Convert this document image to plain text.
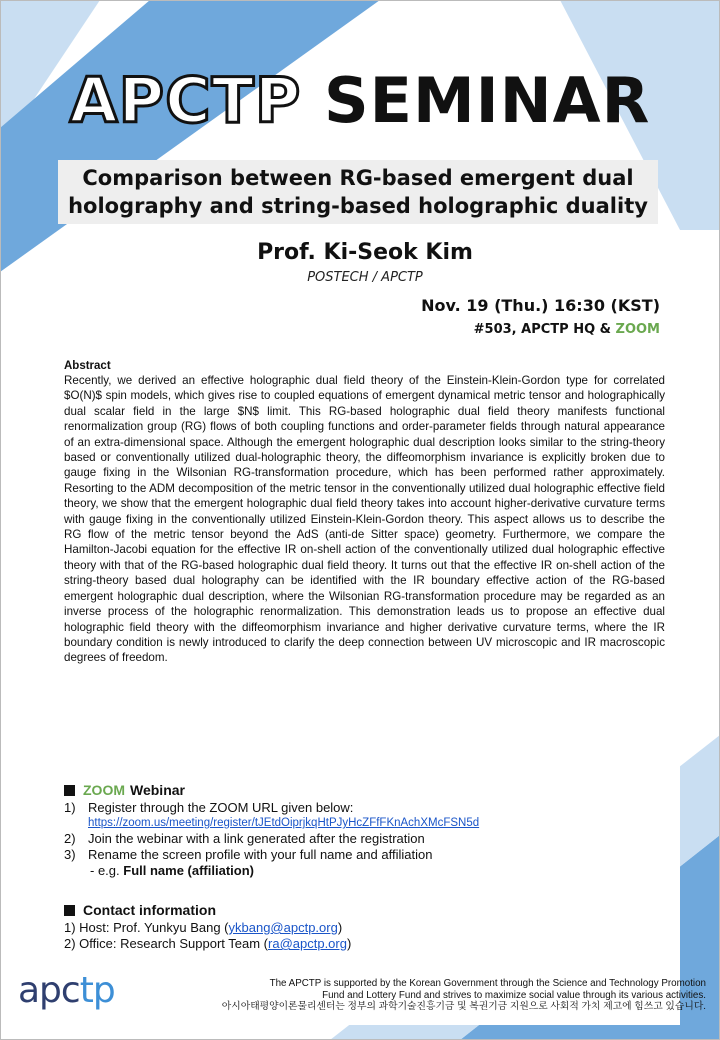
APCTP SEMINAR
Comparison between RG-based emergent dual
holography and string-based holographic duality
Prof. Ki-Seok Kim
POSTECH / APCTP
Nov. 19 (Thu.) 16:30 (KST)
#503, APCTP HQ & ZOOM
Abstract
Recently, we derived an effective holographic dual field theory of the Einstein-Klein-Gordon type for correlated $O(N)$ spin models, which gives rise to coupled equations of emergent dynamical metric tensor and holographically dual scalar field in the large $N$ limit. This RG-based holographic dual field theory manifests functional renormalization group (RG) flows of both coupling functions and order-parameter fields through natural appearance of an extra-dimensional space. Although the emergent holographic dual description looks similar to the string-theory based or conventionally utilized dual-holographic theory, the diffeomorphism invariance is explicitly broken due to gauge fixing in the Wilsonian RG-transformation procedure, which has been performed rather approximately. Resorting to the ADM decomposition of the metric tensor in the conventionally utilized dual holographic effective field theory, we show that the emergent holographic dual field theory takes into account higher-derivative curvature terms with gauge fixing in the conventionally utilized Einstein-Klein-Gordon theory. This aspect allows us to describe the RG flow of the metric tensor beyond the AdS (anti-de Sitter space) geometry. Furthermore, we compare the Hamilton-Jacobi equation for the effective IR on-shell action of the conventionally utilized dual holographic effective theory with that of the RG-based holographic dual field theory. It turns out that the effective IR on-shell action of the string-theory based dual holography can be identified with the IR boundary effective action of the RG-based emergent holographic dual description, where the Wilsonian RG-transformation procedure may be regarded as an inverse process of the holographic renormalization. This demonstration leads us to propose an effective dual holographic field theory with the diffeomorphism invariance and higher derivative curvature terms, where the IR boundary condition is newly introduced to clarify the deep connection between UV microscopic and IR macroscopic degrees of freedom.
ZOOM Webinar
1) Register through the ZOOM URL given below:
https://zoom.us/meeting/register/tJEtdOiprjkqHtPJyHcZFfFKnAchXMcFSN5d
2) Join the webinar with a link generated after the registration
3) Rename the screen profile with your full name and affiliation
- e.g. Full name (affiliation)
Contact information
1) Host: Prof. Yunkyu Bang ( ykbang@apctp.org )
2) Office: Research Support Team ( ra@apctp.org )
apc tp	The APCTP is supported by the Korean Government through the Science and Technology Promotion
Fund and Lottery Fund and strives to maximize social value through its various activities.
아시아태평양이론물리센터는 정부의 과학기술진흥기금 및 복권기금 지원으로 사회적 가치 제고에 힘쓰고 있습니다.
